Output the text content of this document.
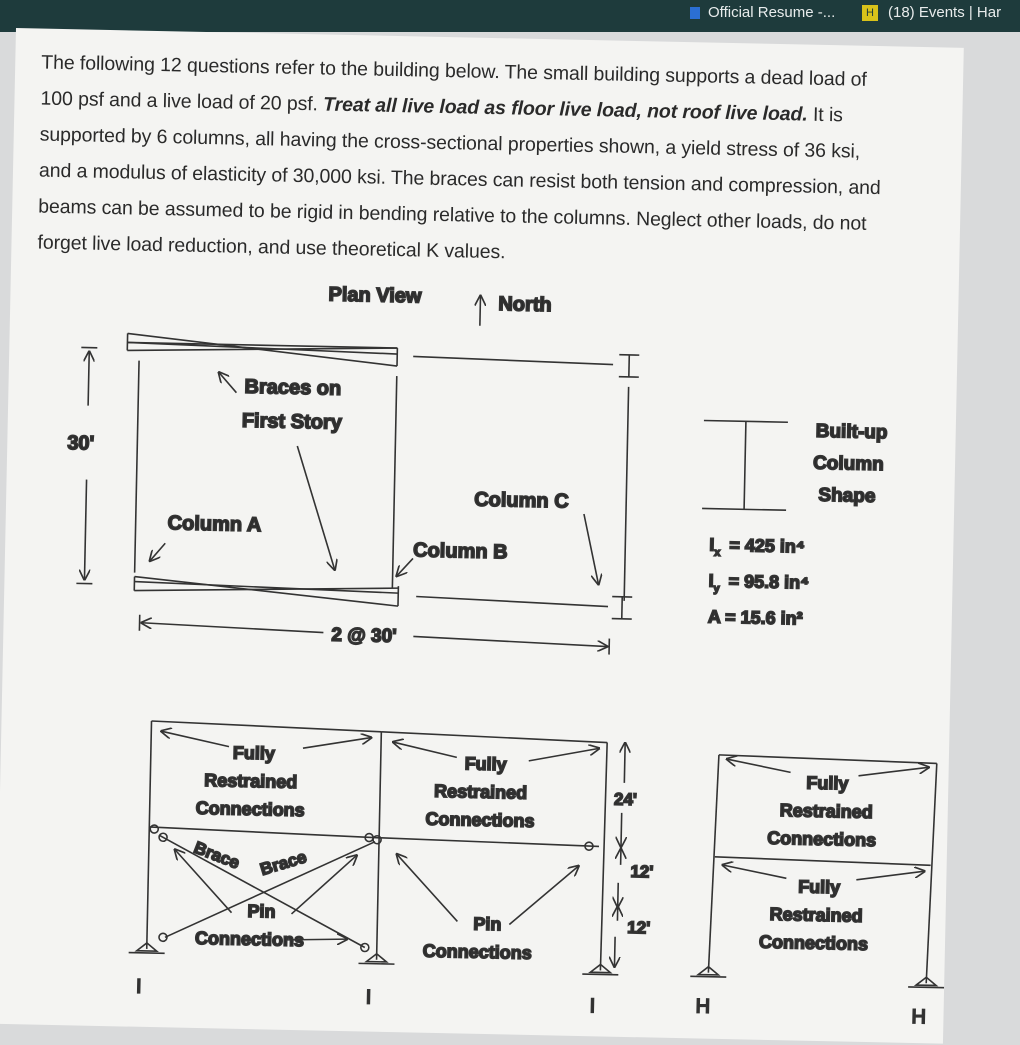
Official Resume -...	H (18) Events | Har
The following 12 questions refer to the building below. The small building supports a dead load of
100 psf and a live load of 20 psf. Treat all live load as floor live load, not roof live load. It is
supported by 6 columns, all having the cross-sectional properties shown, a yield stress of 36 ksi,
and a modulus of elasticity of 30,000 ksi. The braces can resist both tension and compression, and
beams can be assumed to be rigid in bending relative to the columns. Neglect other loads, do not
forget live load reduction, and use theoretical K values.
Plan View	North
30'
2 @ 30'
Braces on
First Story
Column A
Column B
Column C
Built-up
Column
Shape
$I_x = 425$ in⁴
$I_y = 95.8$ in⁴
A = 15.6 in²
I	I	I
Fully
Restrained
Connections
Fully
Restrained
Connections
Brace Brace
Pin
Connections
Pin
Connections
24'
12'
12'
H	H
Fully
Restrained
Connections
Fully
Restrained
Connections
